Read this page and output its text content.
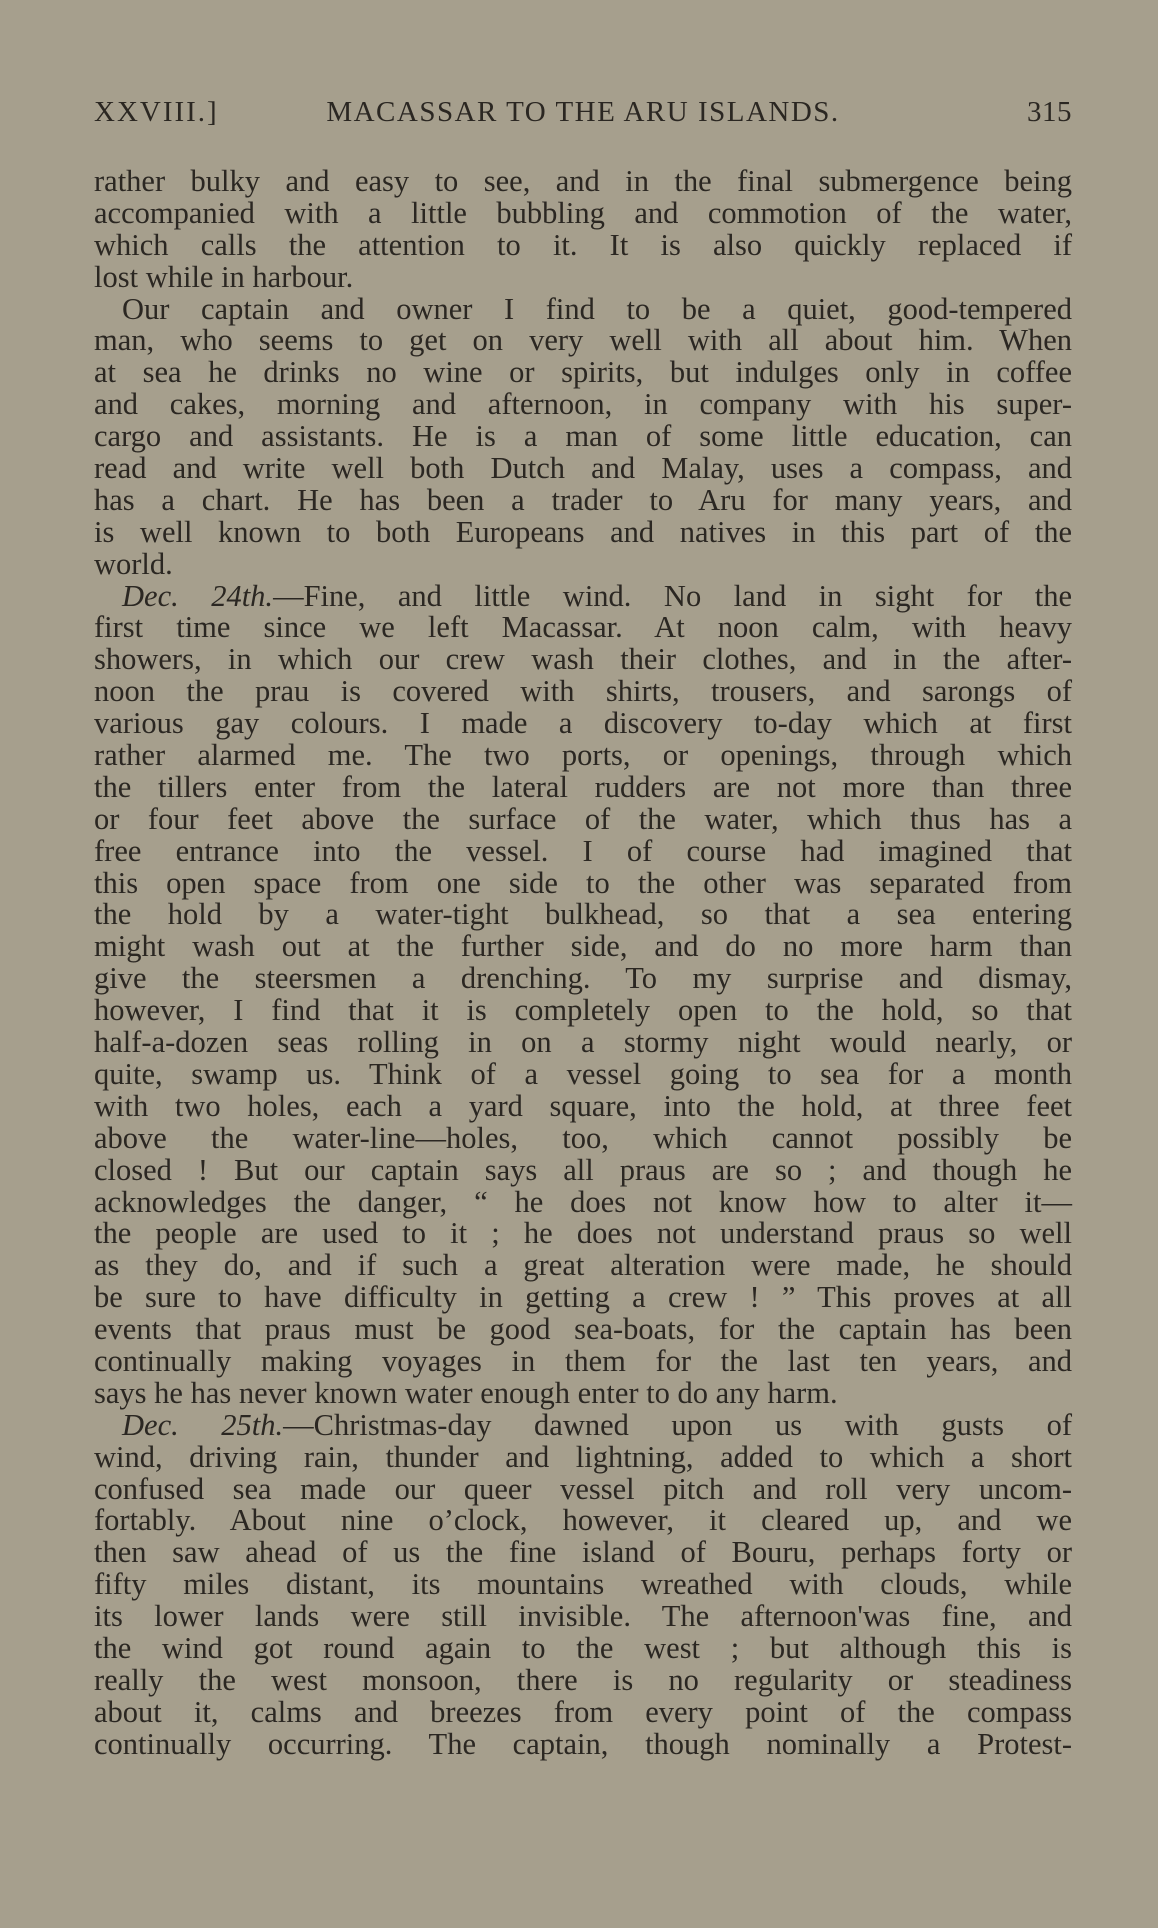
XXVIII.]	MACASSAR TO THE ARU ISLANDS.	315
rather bulky and easy to see, and in the final submergence being
accompanied with a little bubbling and commotion of the water,
which calls the attention to it. It is also quickly replaced if
lost while in harbour.
Our captain and owner I find to be a quiet, good-tempered
man, who seems to get on very well with all about him. When
at sea he drinks no wine or spirits, but indulges only in coffee
and cakes, morning and afternoon, in company with his super-
cargo and assistants. He is a man of some little education, can
read and write well both Dutch and Malay, uses a compass, and
has a chart. He has been a trader to Aru for many years, and
is well known to both Europeans and natives in this part of the
world.
Dec. 24th.—Fine, and little wind. No land in sight for the
first time since we left Macassar. At noon calm, with heavy
showers, in which our crew wash their clothes, and in the after-
noon the prau is covered with shirts, trousers, and sarongs of
various gay colours. I made a discovery to-day which at first
rather alarmed me. The two ports, or openings, through which
the tillers enter from the lateral rudders are not more than three
or four feet above the surface of the water, which thus has a
free entrance into the vessel. I of course had imagined that
this open space from one side to the other was separated from
the hold by a water-tight bulkhead, so that a sea entering
might wash out at the further side, and do no more harm than
give the steersmen a drenching. To my surprise and dismay,
however, I find that it is completely open to the hold, so that
half-a-dozen seas rolling in on a stormy night would nearly, or
quite, swamp us. Think of a vessel going to sea for a month
with two holes, each a yard square, into the hold, at three feet
above the water-line—holes, too, which cannot possibly be
closed ! But our captain says all praus are so ; and though he
acknowledges the danger, “ he does not know how to alter it—
the people are used to it ; he does not understand praus so well
as they do, and if such a great alteration were made, he should
be sure to have difficulty in getting a crew ! ” This proves at all
events that praus must be good sea-boats, for the captain has been
continually making voyages in them for the last ten years, and
says he has never known water enough enter to do any harm.
Dec. 25th.—Christmas-day dawned upon us with gusts of
wind, driving rain, thunder and lightning, added to which a short
confused sea made our queer vessel pitch and roll very uncom-
fortably. About nine o’clock, however, it cleared up, and we
then saw ahead of us the fine island of Bouru, perhaps forty or
fifty miles distant, its mountains wreathed with clouds, while
its lower lands were still invisible. The afternoon'was fine, and
the wind got round again to the west ; but although this is
really the west monsoon, there is no regularity or steadiness
about it, calms and breezes from every point of the compass
continually occurring. The captain, though nominally a Protest-
